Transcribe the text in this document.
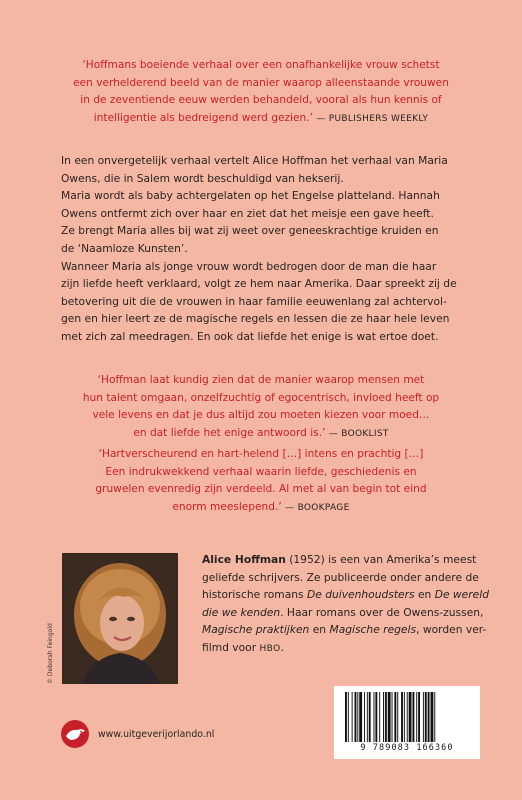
‘Hoffmans boeiende verhaal over een onafhankelijke vrouw schetst
een verhelderend beeld van de manier waarop alleenstaande vrouwen
in de zeventiende eeuw werden behandeld, vooral als hun kennis of
intelligentie als bedreigend werd gezien.’ — PUBLISHERS WEEKLY
In een onvergetelijk verhaal vertelt Alice Hoffman het verhaal van Maria
Owens, die in Salem wordt beschuldigd van hekserij.
Maria wordt als baby achtergelaten op het Engelse platteland. Hannah
Owens ontfermt zich over haar en ziet dat het meisje een gave heeft.
Ze brengt Maria alles bij wat zij weet over geneeskrachtige kruiden en
de ‘Naamloze Kunsten’.
Wanneer Maria als jonge vrouw wordt bedrogen door de man die haar
zijn liefde heeft verklaard, volgt ze hem naar Amerika. Daar spreekt zij de
betovering uit die de vrouwen in haar familie eeuwenlang zal achtervol-
gen en hier leert ze de magische regels en lessen die ze haar hele leven
met zich zal meedragen. En ook dat liefde het enige is wat ertoe doet.
‘Hoffman laat kundig zien dat de manier waarop mensen met
hun talent omgaan, onzelfzuchtig of egocentrisch, invloed heeft op
vele levens en dat je dus altijd zou moeten kiezen voor moed…
en dat liefde het enige antwoord is.’ — BOOKLIST
‘Hartverscheurend en hart-helend […] intens en prachtig […]
Een indrukwekkend verhaal waarin liefde, geschiedenis en
gruwelen evenredig zijn verdeeld. Al met al van begin tot eind
enorm meeslepend.’ — BOOKPAGE
© Deborah Feingold
Alice Hoffman (1952) is een van Amerika’s meest
geliefde schrijvers. Ze publiceerde onder andere de
historische romans De duivenhoudsters en De wereld
die we kenden. Haar romans over de Owens-zussen,
Magische praktijken en Magische regels, worden ver-
filmd voor HBO.
9 789083 166360
www.uitgeverijorlando.nl
